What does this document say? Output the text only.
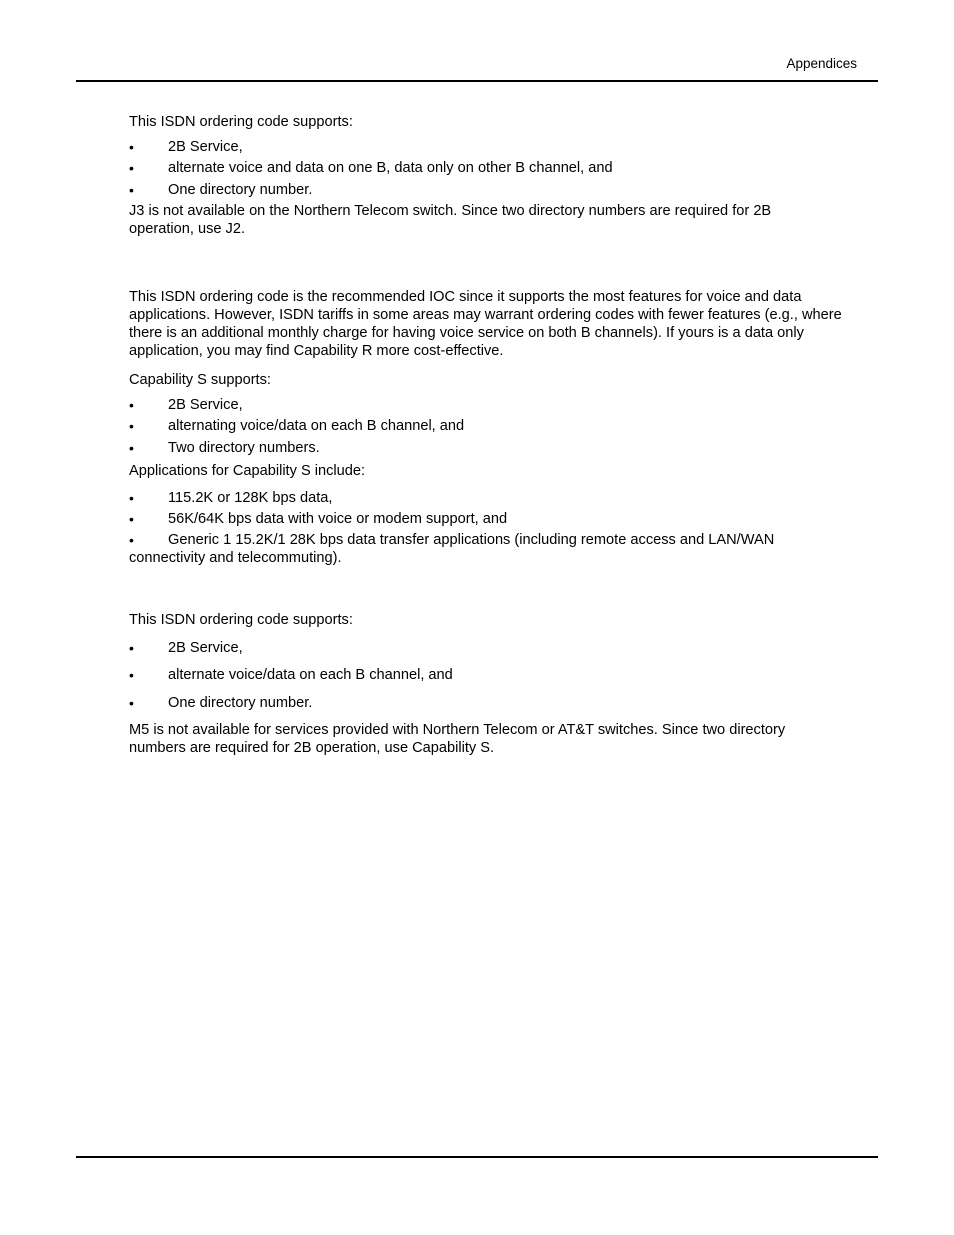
Appendices

This ISDN ordering code supports:

•	2B Service,
•	alternate voice and data on one B, data only on other B channel, and
•	One directory number.

J3 is not available on the Northern Telecom switch. Since two directory numbers are required for 2B operation, use J2.

This ISDN ordering code is the recommended IOC since it supports the most features for voice and data applications. However, ISDN tariffs in some areas may warrant ordering codes with fewer features (e.g., where there is an additional monthly charge for having voice service on both B channels). If yours is a data only application, you may find Capability R more cost-effective.

Capability S supports:

•	2B Service,
•	alternating voice/data on each B channel, and
•	Two directory numbers.

Applications for Capability S include:

•	115.2K or 128K bps data,
•	56K/64K bps data with voice or modem support, and
•	Generic 1 15.2K/1 28K bps data transfer applications (including remote access and LAN/WAN connectivity and telecommuting).

This ISDN ordering code supports:

•	2B Service,
•	alternate voice/data on each B channel, and
•	One directory number.

M5 is not available for services provided with Northern Telecom or AT&T switches. Since two directory numbers are required for 2B operation, use Capability S.
